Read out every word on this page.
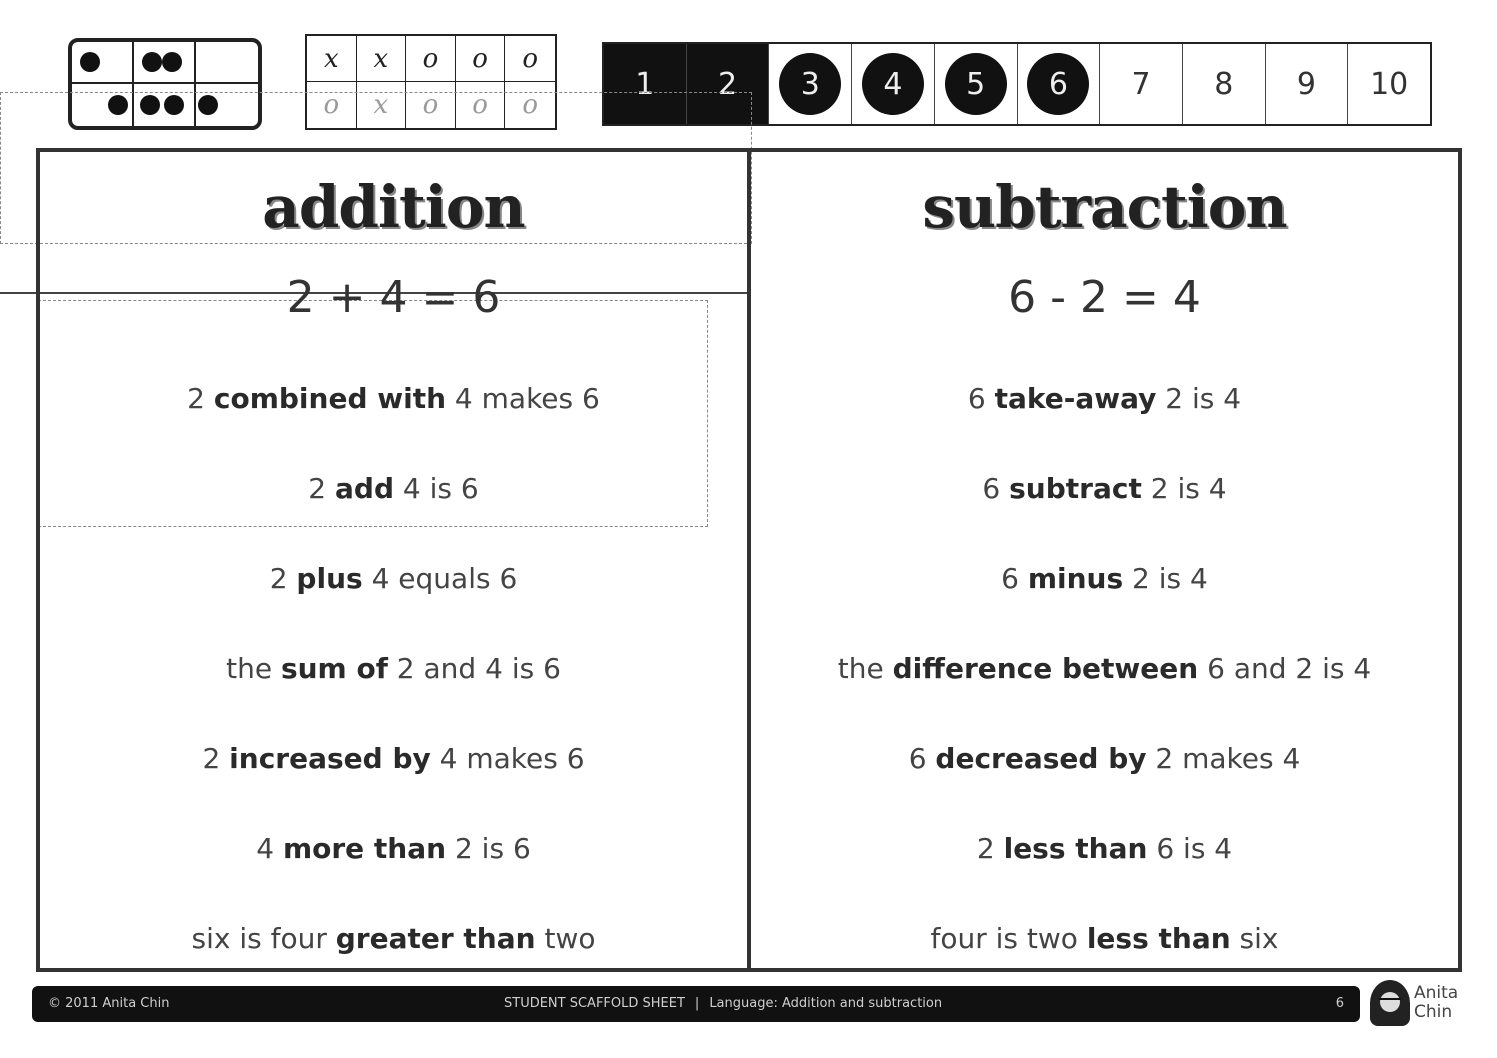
x	x	o	o	o
o	x	o	o	o
1 2	3	4	5	6	7 8 9 10
addition
2 + 4 = 6
2 combined with 4 makes 6
2 add 4 is 6
2 plus 4 equals 6
the sum of 2 and 4 is 6
2 increased by 4 makes 6
4 more than 2 is 6
six is four greater than two
subtraction
6 - 2 = 4
6 take-away 2 is 4
6 subtract 2 is 4
6 minus 2 is 4
the difference between 6 and 2 is 4
6 decreased by 2 makes 4
2 less than 6 is 4
four is two less than six
© 2011 Anita Chin	STUDENT SCAFFOLD SHEET | Language: Addition and subtraction	6
Anita Chin
